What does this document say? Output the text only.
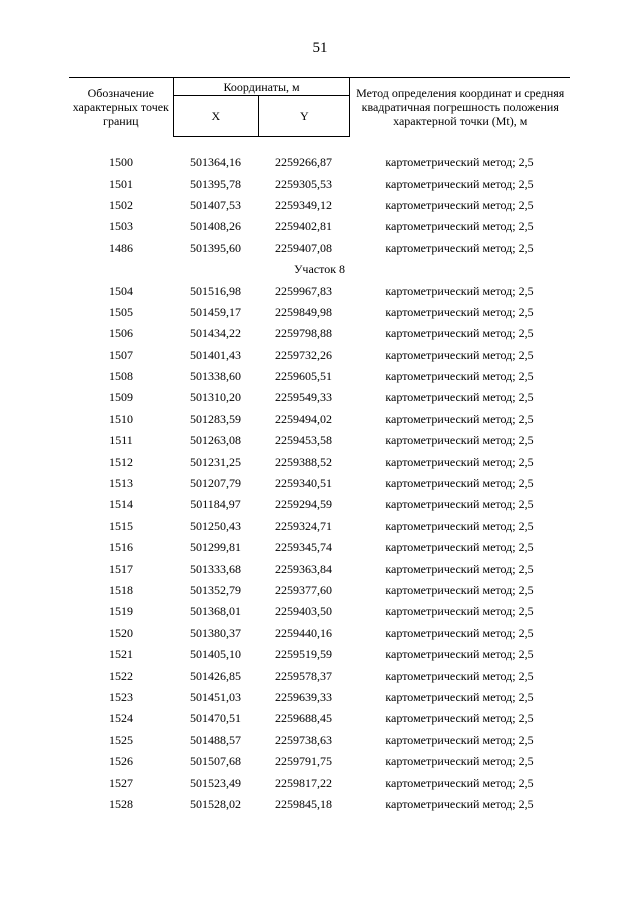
51
Обозначение характерных точек границ	Координаты, м		Метод определения координат и средняя квадратичная погрешность положения характерной точки (Mt), м
	X	Y	
1500	501364,16	2259266,87	картометрический метод; 2,5
1501	501395,78	2259305,53	картометрический метод; 2,5
1502	501407,53	2259349,12	картометрический метод; 2,5
1503	501408,26	2259402,81	картометрический метод; 2,5
1486	501395,60	2259407,08	картометрический метод; 2,5
Участок 8
1504	501516,98	2259967,83	картометрический метод; 2,5
1505	501459,17	2259849,98	картометрический метод; 2,5
1506	501434,22	2259798,88	картометрический метод; 2,5
1507	501401,43	2259732,26	картометрический метод; 2,5
1508	501338,60	2259605,51	картометрический метод; 2,5
1509	501310,20	2259549,33	картометрический метод; 2,5
1510	501283,59	2259494,02	картометрический метод; 2,5
1511	501263,08	2259453,58	картометрический метод; 2,5
1512	501231,25	2259388,52	картометрический метод; 2,5
1513	501207,79	2259340,51	картометрический метод; 2,5
1514	501184,97	2259294,59	картометрический метод; 2,5
1515	501250,43	2259324,71	картометрический метод; 2,5
1516	501299,81	2259345,74	картометрический метод; 2,5
1517	501333,68	2259363,84	картометрический метод; 2,5
1518	501352,79	2259377,60	картометрический метод; 2,5
1519	501368,01	2259403,50	картометрический метод; 2,5
1520	501380,37	2259440,16	картометрический метод; 2,5
1521	501405,10	2259519,59	картометрический метод; 2,5
1522	501426,85	2259578,37	картометрический метод; 2,5
1523	501451,03	2259639,33	картометрический метод; 2,5
1524	501470,51	2259688,45	картометрический метод; 2,5
1525	501488,57	2259738,63	картометрический метод; 2,5
1526	501507,68	2259791,75	картометрический метод; 2,5
1527	501523,49	2259817,22	картометрический метод; 2,5
1528	501528,02	2259845,18	картометрический метод; 2,5
